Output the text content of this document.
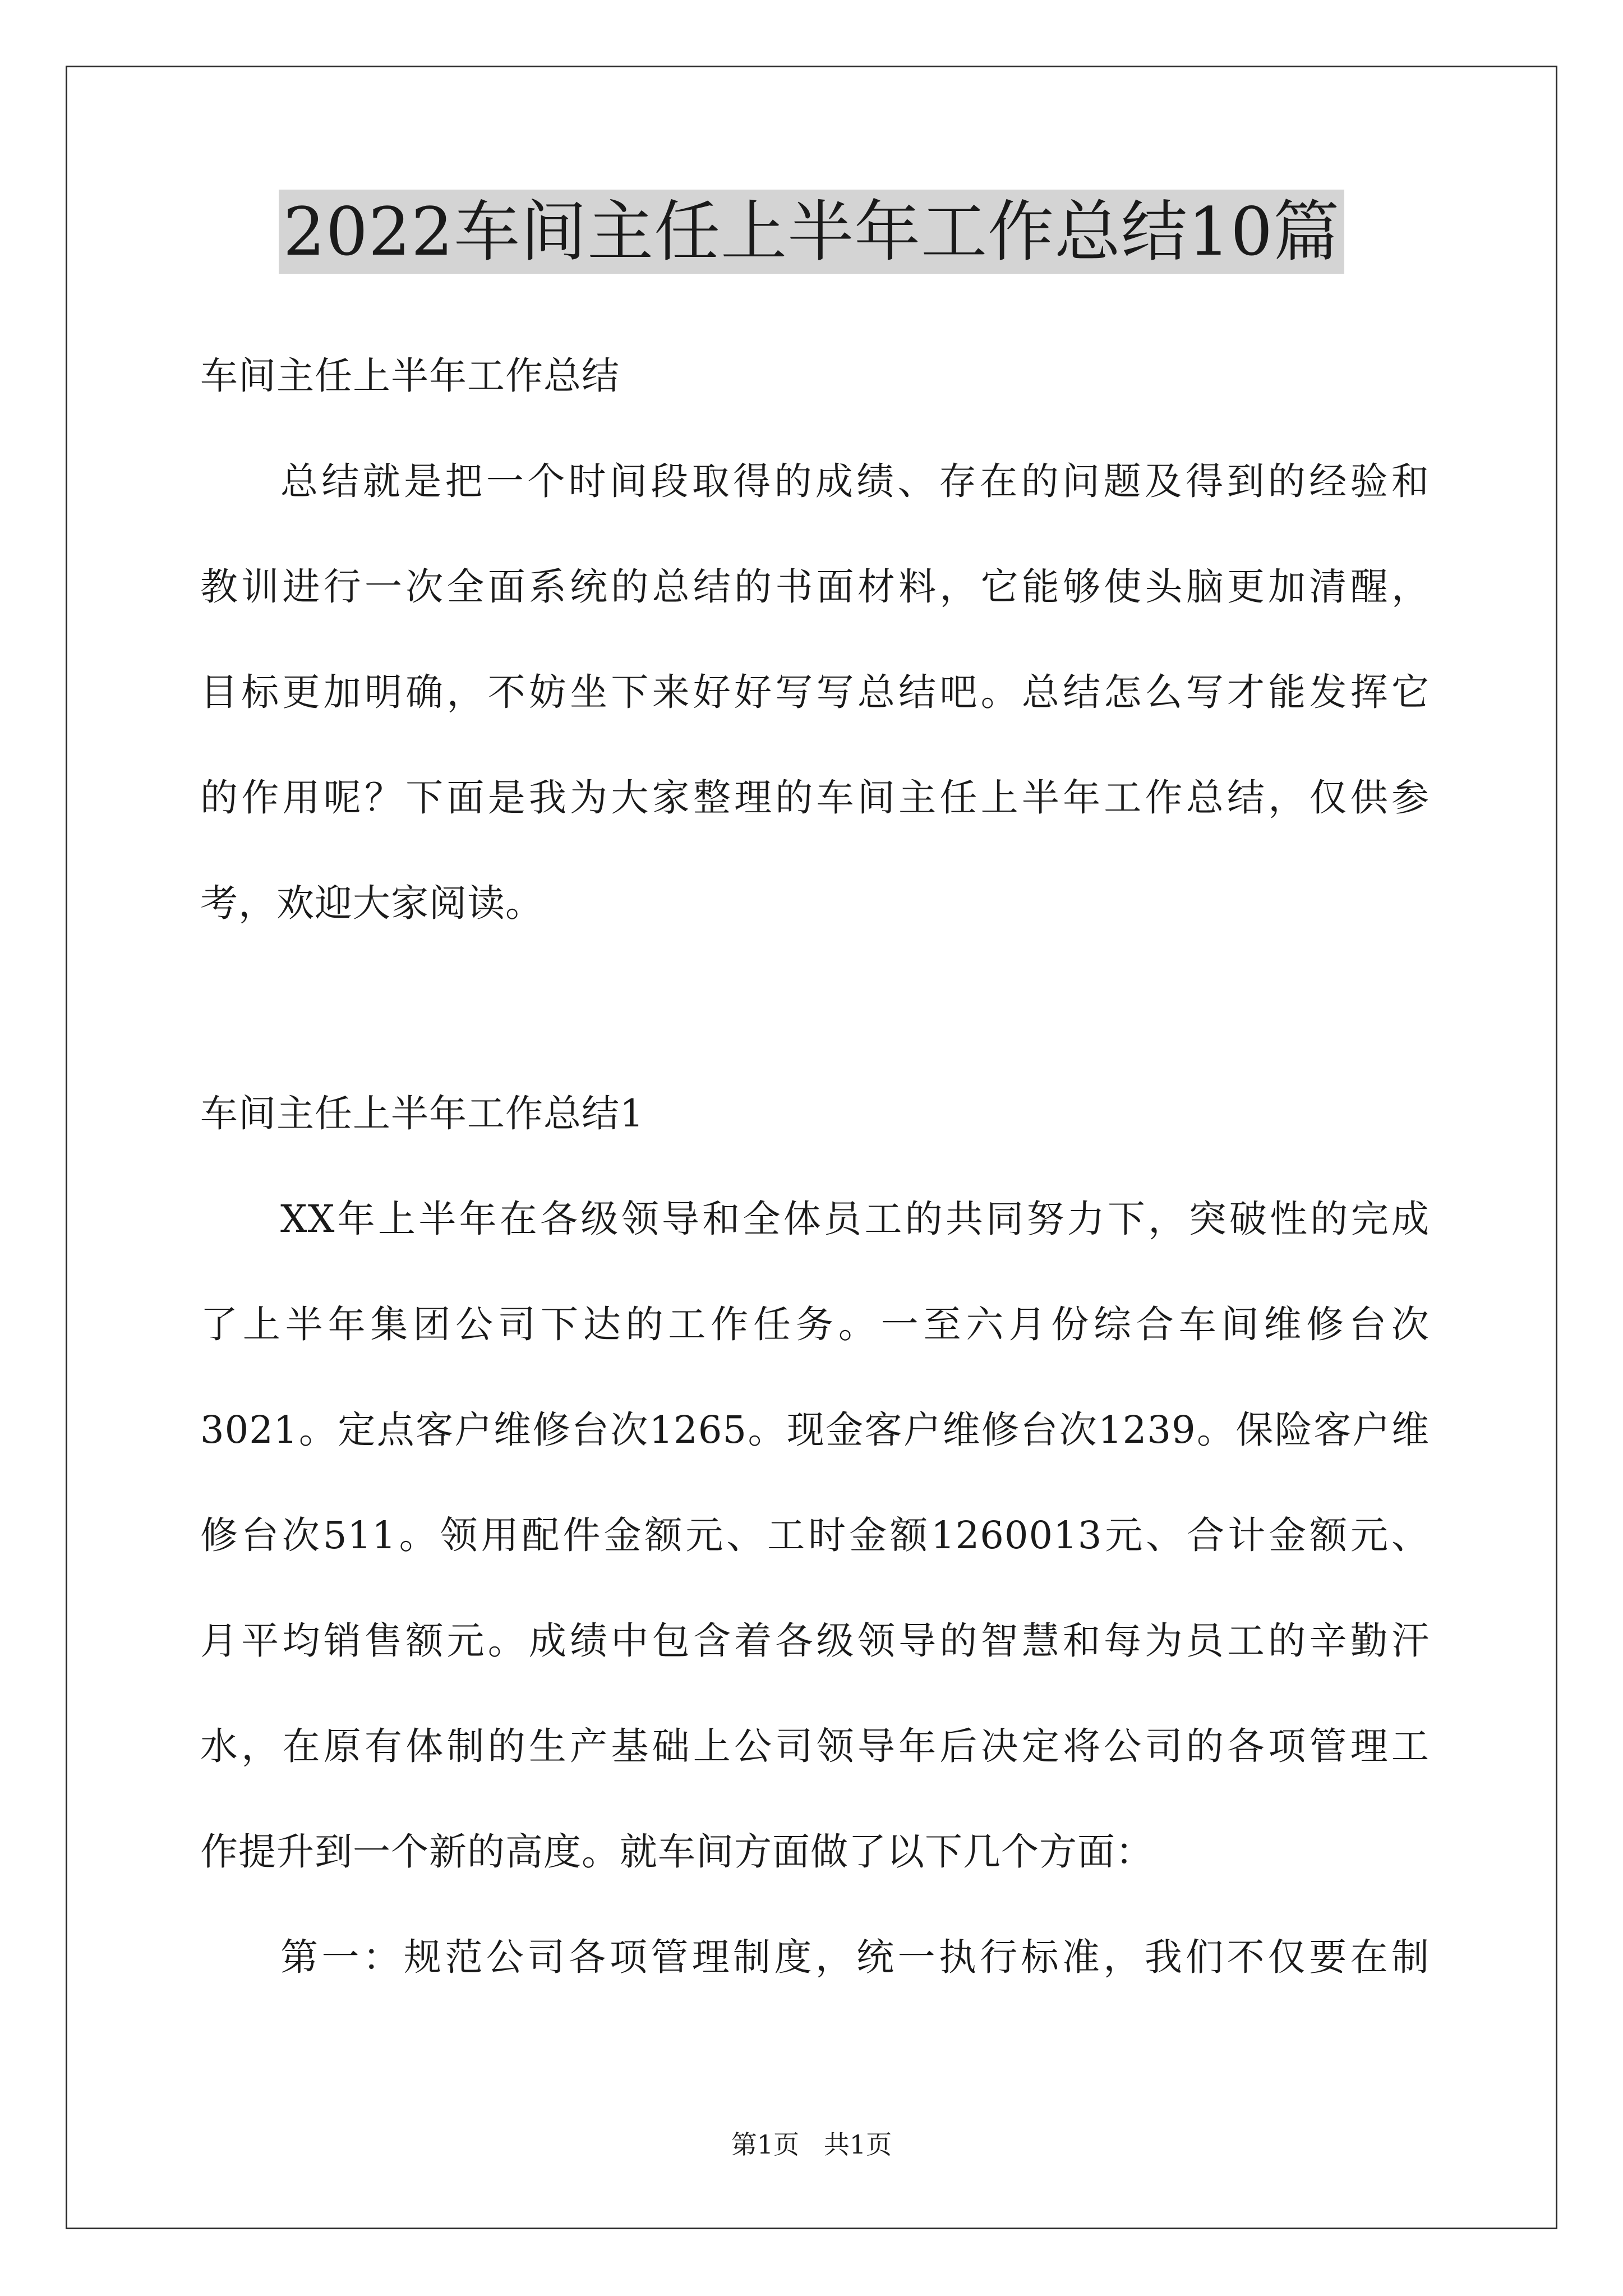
2022车间主任上半年工作总结10篇
车间主任上半年工作总结
总结就是把一个时间段取得的成绩、存在的问题及得到的经验和
教训进行一次全面系统的总结的书面材料，它能够使头脑更加清醒，
目标更加明确，不妨坐下来好好写写总结吧。总结怎么写才能发挥它
的作用呢？下面是我为大家整理的车间主任上半年工作总结，仅供参
考，欢迎大家阅读。
车间主任上半年工作总结1
XX年上半年在各级领导和全体员工的共同努力下，突破性的完成
了上半年集团公司下达的工作任务。一至六月份综合车间维修台次
3021。定点客户维修台次1265。现金客户维修台次1239。保险客户维
修台次511。领用配件金额元、工时金额1260013元、合计金额元、
月平均销售额元。成绩中包含着各级领导的智慧和每为员工的辛勤汗
水，在原有体制的生产基础上公司领导年后决定将公司的各项管理工
作提升到一个新的高度。就车间方面做了以下几个方面：
第一：规范公司各项管理制度，统一执行标准，我们不仅要在制
第1页   共1页
